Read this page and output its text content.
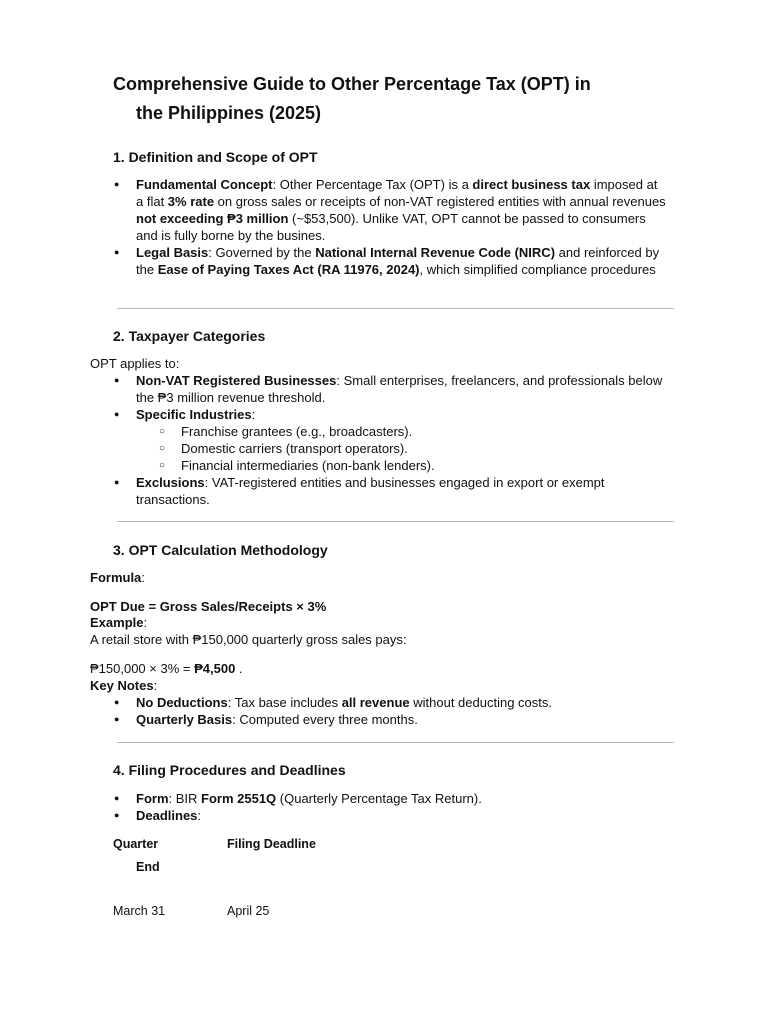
Comprehensive Guide to Other Percentage Tax (OPT) in
the Philippines (2025)
1. Definition and Scope of OPT
● Fundamental Concept: Other Percentage Tax (OPT) is a direct business tax imposed at a flat 3% rate on gross sales or receipts of non-VAT registered entities with annual revenues not exceeding ₱3 million (~$53,500). Unlike VAT, OPT cannot be passed to consumers and is fully borne by the busines.
● Legal Basis: Governed by the National Internal Revenue Code (NIRC) and reinforced by the Ease of Paying Taxes Act (RA 11976, 2024), which simplified compliance procedures
2. Taxpayer Categories
OPT applies to:
● Non-VAT Registered Businesses: Small enterprises, freelancers, and professionals below the ₱3 million revenue threshold.
● Specific Industries:
○ Franchise grantees (e.g., broadcasters).
○ Domestic carriers (transport operators).
○ Financial intermediaries (non-bank lenders).
● Exclusions: VAT-registered entities and businesses engaged in export or exempt transactions.
3. OPT Calculation Methodology
Formula:
OPT Due = Gross Sales/Receipts × 3%
Example:
A retail store with ₱150,000 quarterly gross sales pays:
₱150,000 × 3% = ₱4,500 .
Key Notes:
● No Deductions: Tax base includes all revenue without deducting costs.
● Quarterly Basis: Computed every three months.
4. Filing Procedures and Deadlines
● Form: BIR Form 2551Q (Quarterly Percentage Tax Return).
● Deadlines:
Quarter
End
Filing Deadline
March 31	April 25
